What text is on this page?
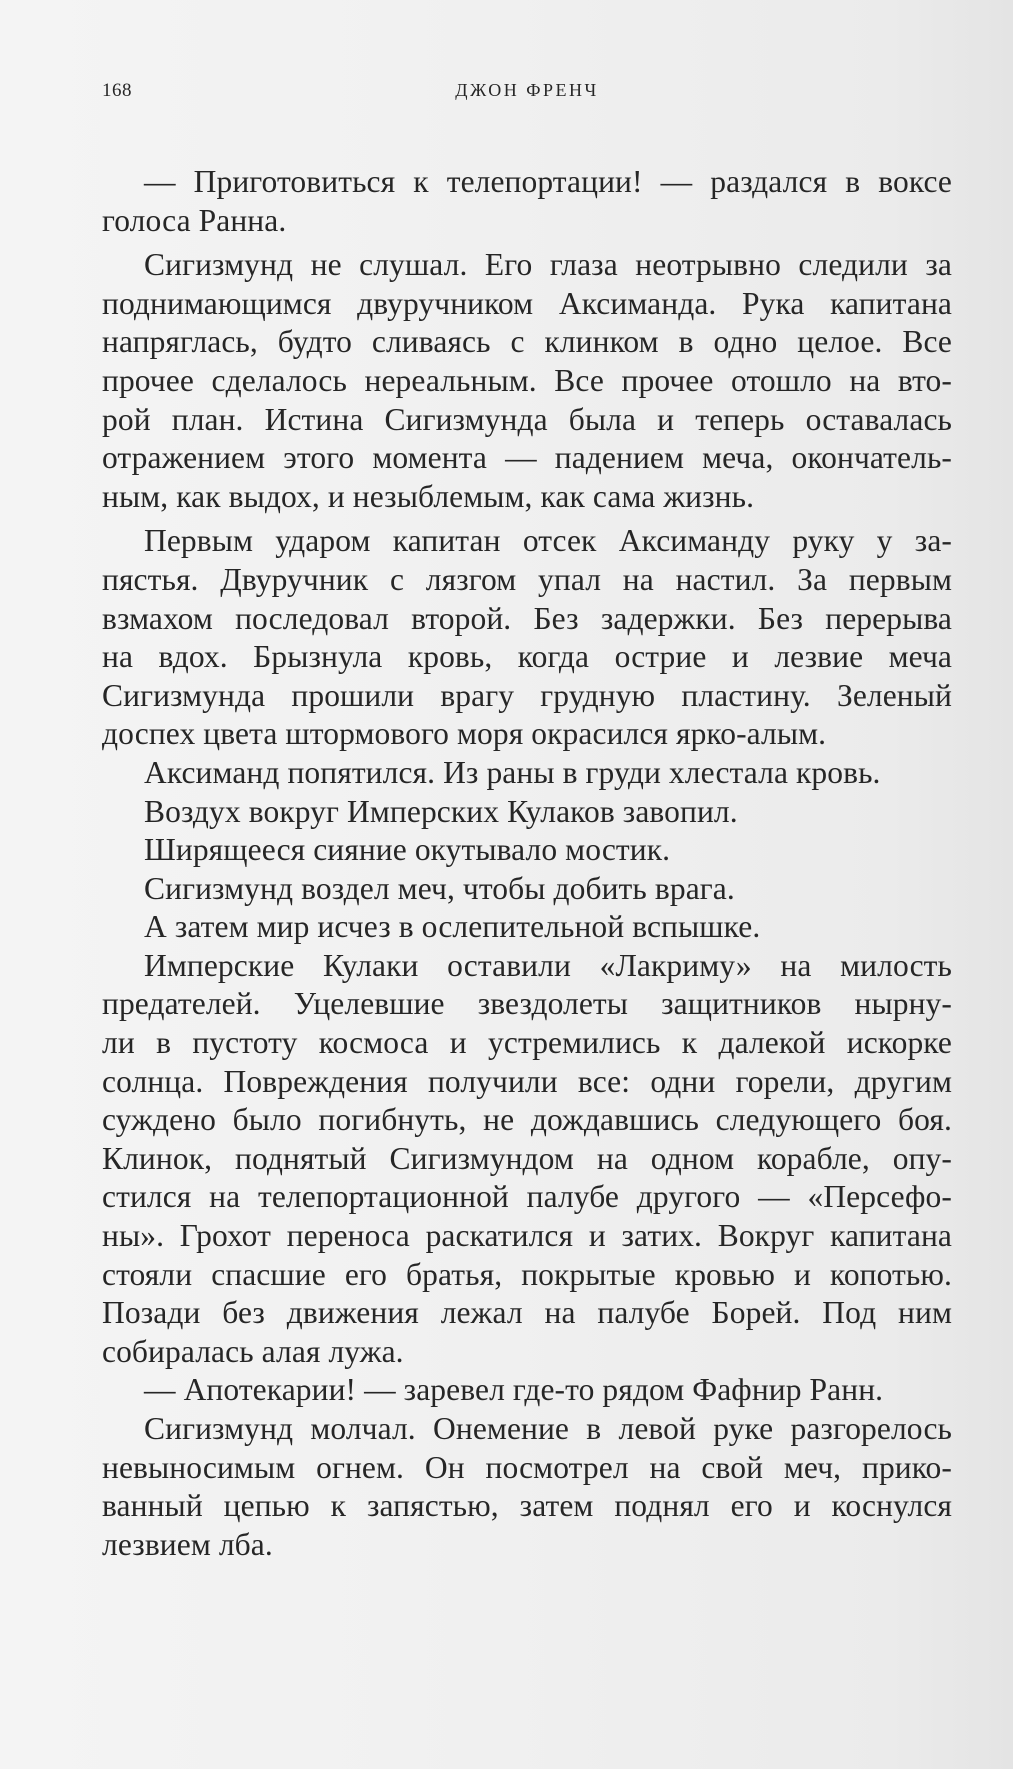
168	ДЖОН ФРЕНЧ
— Приготовиться к телепортации! — раздался в воксе
голоса Ранна.
Сигизмунд не слушал. Его глаза неотрывно следили за
поднимающимся двуручником Аксиманда. Рука капитана
напряглась, будто сливаясь с клинком в одно целое. Все
прочее сделалось нереальным. Все прочее отошло на вто-
рой план. Истина Сигизмунда была и теперь оставалась
отражением этого момента — падением меча, окончатель-
ным, как выдох, и незыблемым, как сама жизнь.
Первым ударом капитан отсек Аксиманду руку у за-
пястья. Двуручник с лязгом упал на настил. За первым
взмахом последовал второй. Без задержки. Без перерыва
на вдох. Брызнула кровь, когда острие и лезвие меча
Сигизмунда прошили врагу грудную пластину. Зеленый
доспех цвета штормового моря окрасился ярко-алым.
Аксиманд попятился. Из раны в груди хлестала кровь.
Воздух вокруг Имперских Кулаков завопил.
Ширящееся сияние окутывало мостик.
Сигизмунд воздел меч, чтобы добить врага.
А затем мир исчез в ослепительной вспышке.
Имперские Кулаки оставили «Лакриму» на милость
предателей. Уцелевшие звездолеты защитников нырну-
ли в пустоту космоса и устремились к далекой искорке
солнца. Повреждения получили все: одни горели, другим
суждено было погибнуть, не дождавшись следующего боя.
Клинок, поднятый Сигизмундом на одном корабле, опу-
стился на телепортационной палубе другого — «Персефо-
ны». Грохот переноса раскатился и затих. Вокруг капитана
стояли спасшие его братья, покрытые кровью и копотью.
Позади без движения лежал на палубе Борей. Под ним
собиралась алая лужа.
— Апотекарии! — заревел где-то рядом Фафнир Ранн.
Сигизмунд молчал. Онемение в левой руке разгорелось
невыносимым огнем. Он посмотрел на свой меч, прико-
ванный цепью к запястью, затем поднял его и коснулся
лезвием лба.
